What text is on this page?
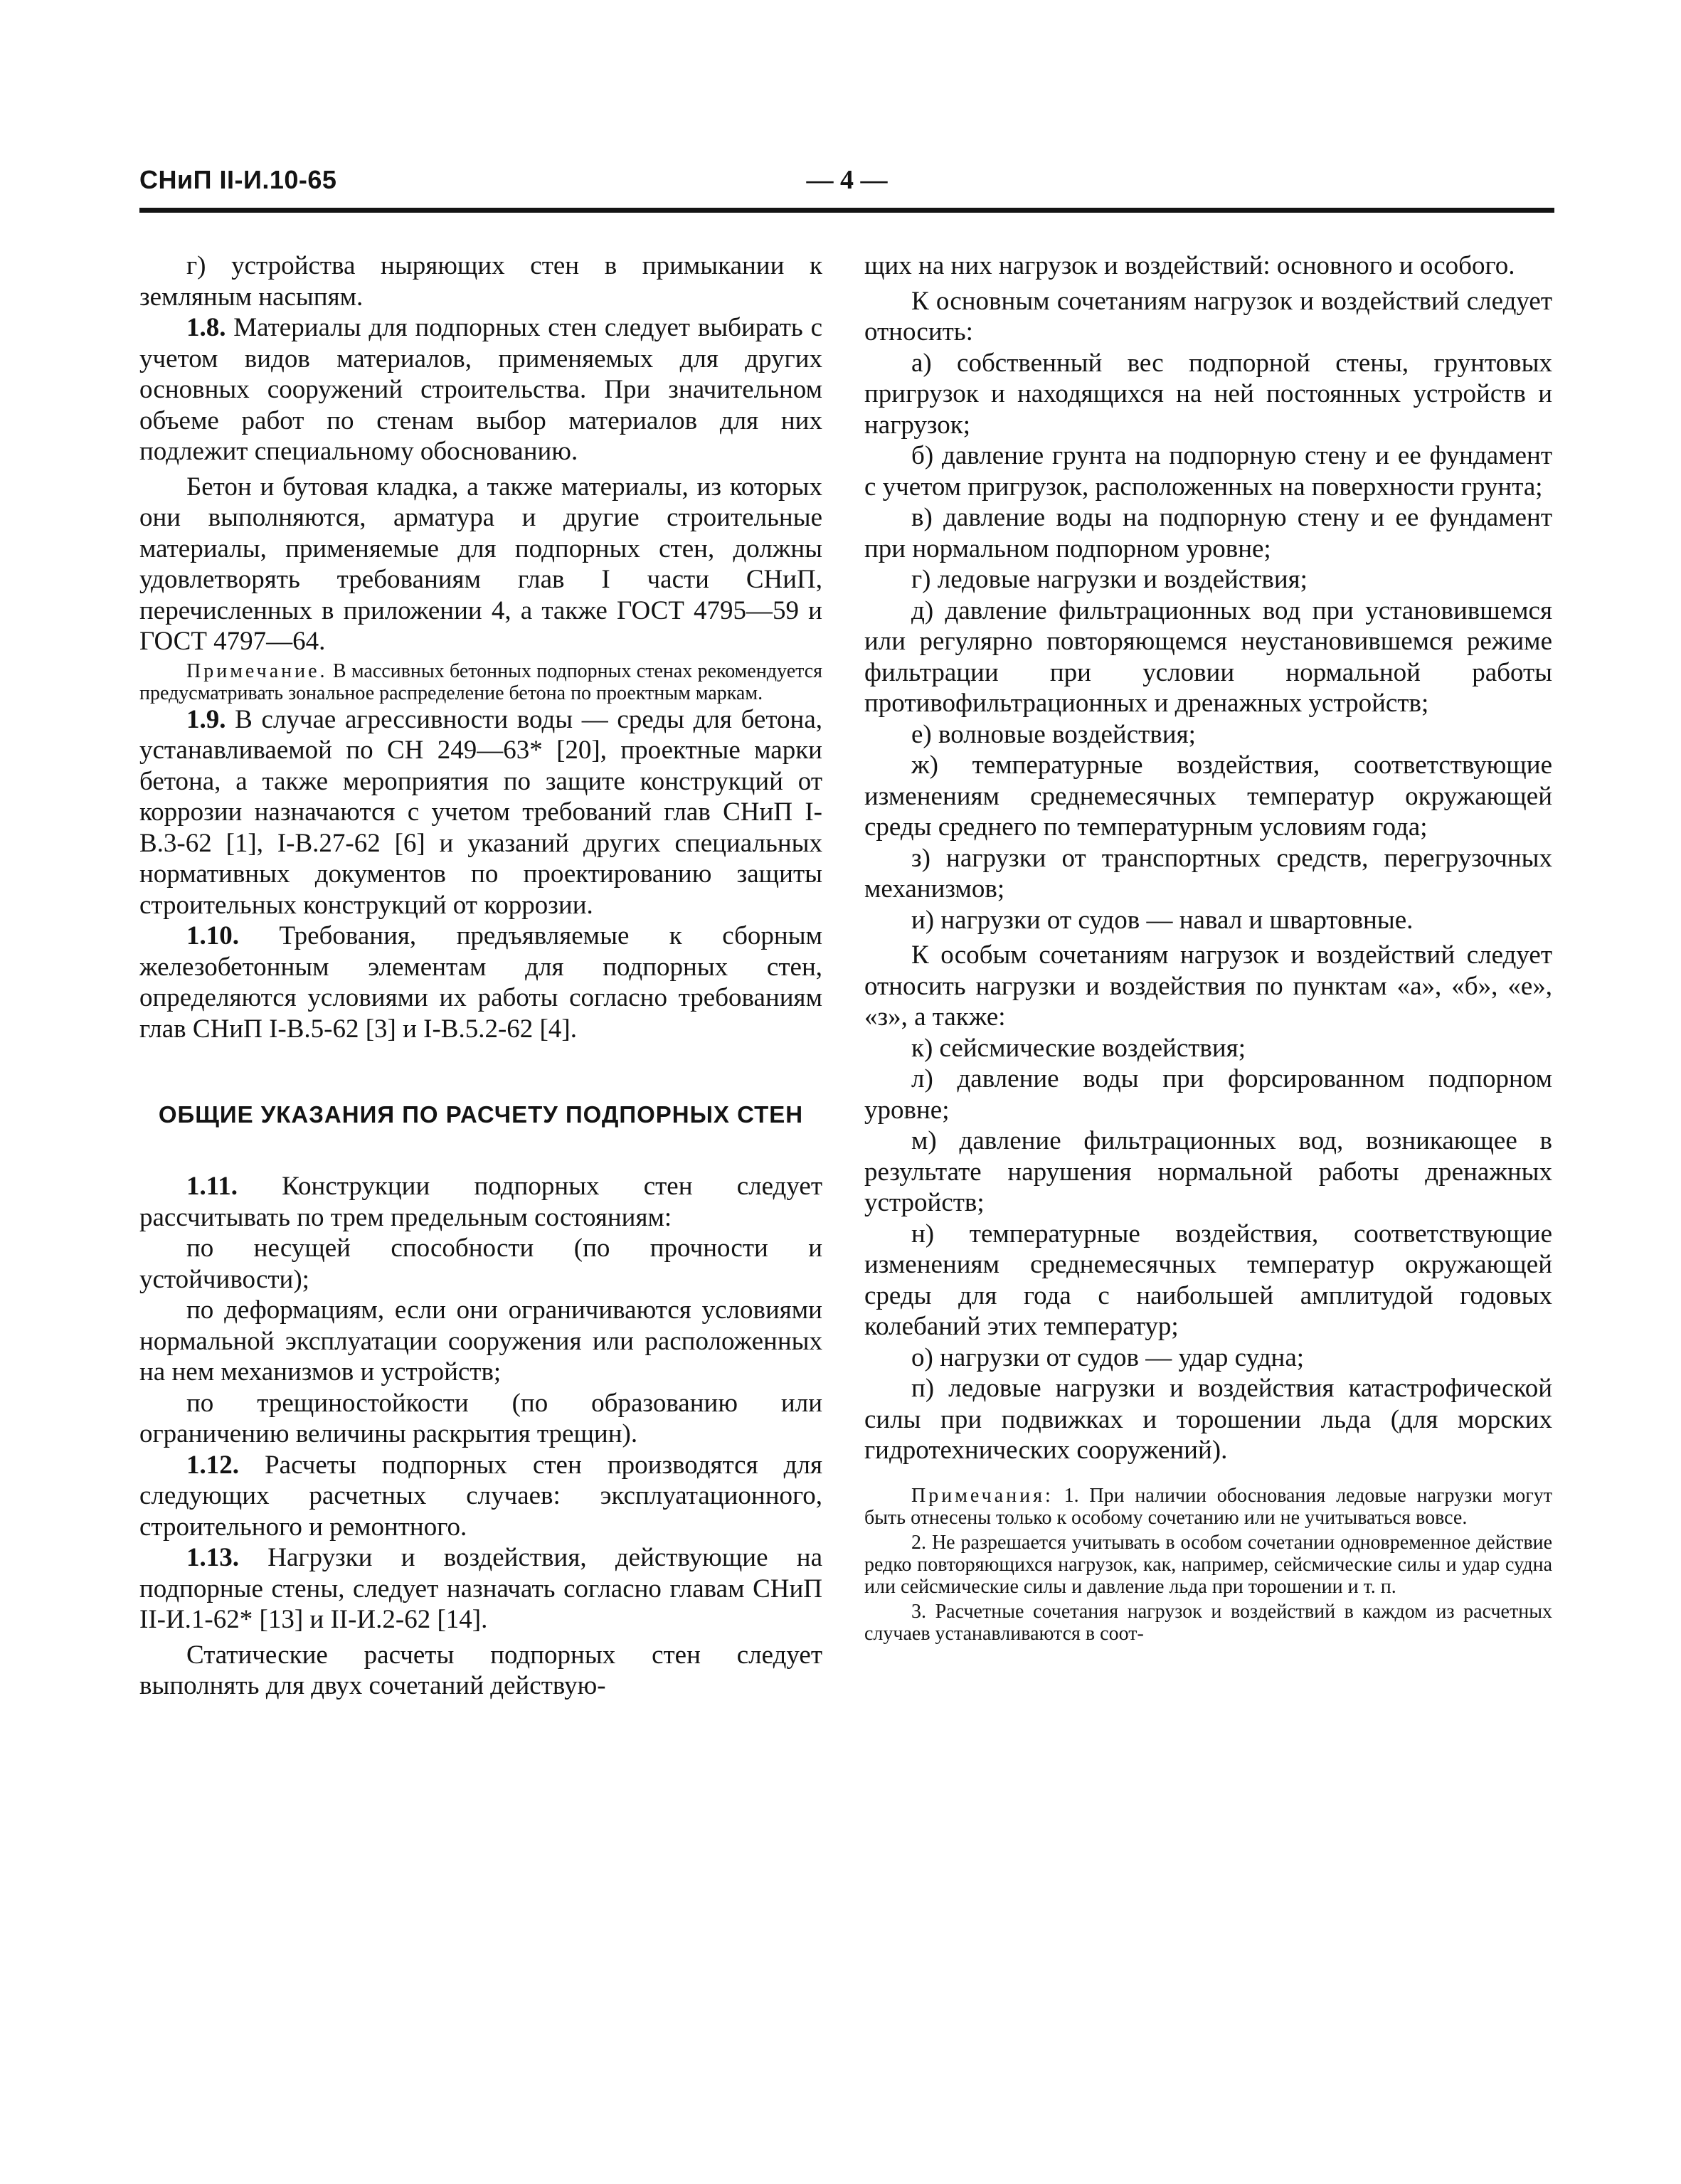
СНиП II-И.10-65	— 4 —

г) устройства ныряющих стен в примыкании к земляным насыпям.

1.8. Материалы для подпорных стен следует выбирать с учетом видов материалов, применяемых для других основных сооружений строительства. При значительном объеме работ по стенам выбор материалов для них подлежит специальному обоснованию.

Бетон и бутовая кладка, а также материалы, из которых они выполняются, арматура и другие строительные материалы, применяемые для подпорных стен, должны удовлетворять требованиям глав I части СНиП, перечисленных в приложении 4, а также ГОСТ 4795—59 и ГОСТ 4797—64.

Примечание. В массивных бетонных подпорных стенах рекомендуется предусматривать зональное распределение бетона по проектным маркам.

1.9. В случае агрессивности воды — среды для бетона, устанавливаемой по СН 249—63* [20], проектные марки бетона, а также мероприятия по защите конструкций от коррозии назначаются с учетом требований глав СНиП I-В.3-62 [1], I-В.27-62 [6] и указаний других специальных нормативных документов по проектированию защиты строительных конструкций от коррозии.

1.10. Требования, предъявляемые к сборным железобетонным элементам для подпорных стен, определяются условиями их работы согласно требованиям глав СНиП I-В.5-62 [3] и I-В.5.2-62 [4].

ОБЩИЕ УКАЗАНИЯ ПО РАСЧЕТУ ПОДПОРНЫХ СТЕН

1.11. Конструкции подпорных стен следует рассчитывать по трем предельным состояниям:

по несущей способности (по прочности и устойчивости);

по деформациям, если они ограничиваются условиями нормальной эксплуатации сооружения или расположенных на нем механизмов и устройств;

по трещиностойкости (по образованию или ограничению величины раскрытия трещин).

1.12. Расчеты подпорных стен производятся для следующих расчетных случаев: эксплуатационного, строительного и ремонтного.

1.13. Нагрузки и воздействия, действующие на подпорные стены, следует назначать согласно главам СНиП II-И.1-62* [13] и II-И.2-62 [14].

Статические расчеты подпорных стен следует выполнять для двух сочетаний действую-

щих на них нагрузок и воздействий: основного и особого.

К основным сочетаниям нагрузок и воздействий следует относить:

а) собственный вес подпорной стены, грунтовых пригрузок и находящихся на ней постоянных устройств и нагрузок;

б) давление грунта на подпорную стену и ее фундамент с учетом пригрузок, расположенных на поверхности грунта;

в) давление воды на подпорную стену и ее фундамент при нормальном подпорном уровне;

г) ледовые нагрузки и воздействия;

д) давление фильтрационных вод при установившемся или регулярно повторяющемся неустановившемся режиме фильтрации при условии нормальной работы противофильтрационных и дренажных устройств;

е) волновые воздействия;

ж) температурные воздействия, соответствующие изменениям среднемесячных температур окружающей среды среднего по температурным условиям года;

з) нагрузки от транспортных средств, перегрузочных механизмов;

и) нагрузки от судов — навал и швартовные.

К особым сочетаниям нагрузок и воздействий следует относить нагрузки и воздействия по пунктам «а», «б», «е», «з», а также:

к) сейсмические воздействия;

л) давление воды при форсированном подпорном уровне;

м) давление фильтрационных вод, возникающее в результате нарушения нормальной работы дренажных устройств;

н) температурные воздействия, соответствующие изменениям среднемесячных температур окружающей среды для года с наибольшей амплитудой годовых колебаний этих температур;

о) нагрузки от судов — удар судна;

п) ледовые нагрузки и воздействия катастрофической силы при подвижках и торошении льда (для морских гидротехнических сооружений).

Примечания: 1. При наличии обоснования ледовые нагрузки могут быть отнесены только к особому сочетанию или не учитываться вовсе.

2. Не разрешается учитывать в особом сочетании одновременное действие редко повторяющихся нагрузок, как, например, сейсмические силы и удар судна или сейсмические силы и давление льда при торошении и т. п.

3. Расчетные сочетания нагрузок и воздействий в каждом из расчетных случаев устанавливаются в соот-
